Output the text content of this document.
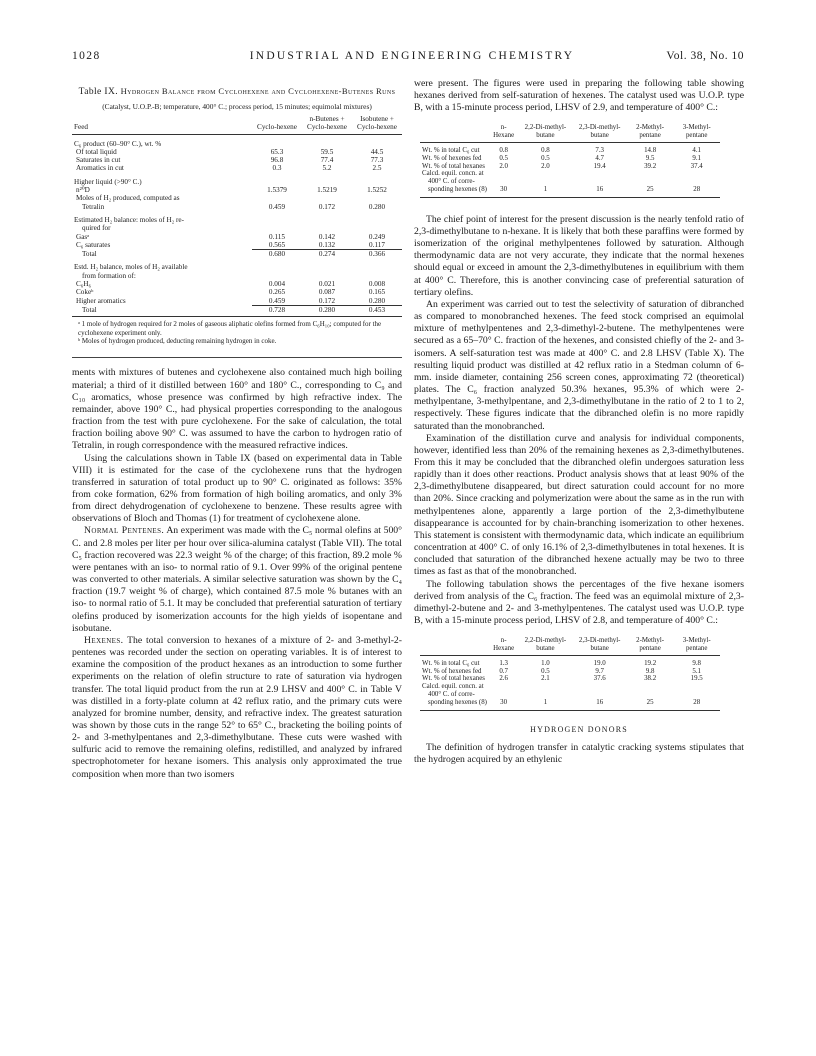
1028	INDUSTRIAL AND ENGINEERING CHEMISTRY	Vol. 38, No. 10
Table IX. Hydrogen Balance from Cyclohexene and Cyclohexene-Butenes Runs
(Catalyst, U.O.P.-B; temperature, 400° C.; process period, 15 minutes; equimolal mixtures)
Feed	Cyclo-hexene	n-Butenes + Cyclo-hexene	Isobutene + Cyclo-hexene
C₆ product (60–90° C.), wt. %			
Of total liquid	65.3	59.5	44.5
Saturates in cut	96.8	77.4	77.3
Aromatics in cut	0.3	5.2	2.5
Higher liquid (>90° C.)			
n²⁰D	1.5379	1.5219	1.5252
Moles of H₂ produced, computed as			
Tetralin	0.459	0.172	0.280
Estimated H₂ balance: moles of H₂ re-			
quired for			
Gasᵃ	0.115	0.142	0.249
C₆ saturates	0.565	0.132	0.117
Total	0.680	0.274	0.366
Estd. H₂ balance, moles of H₂ available			
from formation of:			
C₆H₆	0.004	0.021	0.008
Cokeᵇ	0.265	0.087	0.165
Higher aromatics	0.459	0.172	0.280
Total	0.728	0.280	0.453
ᵃ 1 mole of hydrogen required for 2 moles of gaseous aliphatic olefins formed from C₆H₁₀; computed for the cyclohexene experiment only.
ᵇ Moles of hydrogen produced, deducting remaining hydrogen in coke.

ments with mixtures of butenes and cyclohexene also contained much high boiling material; a third of it distilled between 160° and 180° C., corresponding to C₉ and C₁₀ aromatics, whose presence was confirmed by high refractive index. The remainder, above 190° C., had physical properties corresponding to the analogous fraction from the test with pure cyclohexene. For the sake of calculation, the total fraction boiling above 90° C. was assumed to have the carbon to hydrogen ratio of Tetralin, in rough correspondence with the measured refractive indices.

Using the calculations shown in Table IX (based on experimental data in Table VIII) it is estimated for the case of the cyclohexene runs that the hydrogen transferred in saturation of total product up to 90° C. originated as follows: 35% from coke formation, 62% from formation of high boiling aromatics, and only 3% from direct dehydrogenation of cyclohexene to benzene. These results agree with observations of Bloch and Thomas (1) for treatment of cyclohexene alone.

Normal Pentenes. An experiment was made with the C₅ normal olefins at 500° C. and 2.8 moles per liter per hour over silica-alumina catalyst (Table VII). The total C₅ fraction recovered was 22.3 weight % of the charge; of this fraction, 89.2 mole % were pentanes with an iso- to normal ratio of 9.1. Over 99% of the original pentene was converted to other materials. A similar selective saturation was shown by the C₄ fraction (19.7 weight % of charge), which contained 87.5 mole % butanes with an iso- to normal ratio of 5.1. It may be concluded that preferential saturation of tertiary olefins produced by isomerization accounts for the high yields of isopentane and isobutane.

Hexenes. The total conversion to hexanes of a mixture of 2- and 3-methyl-2-pentenes was recorded under the section on operating variables. It is of interest to examine the composition of the product hexanes as an introduction to some further experiments on the relation of olefin structure to rate of saturation via hydrogen transfer. The total liquid product from the run at 2.9 LHSV and 400° C. in Table V was distilled in a forty-plate column at 42 reflux ratio, and the primary cuts were analyzed for bromine number, density, and refractive index. The greatest saturation was shown by those cuts in the range 52° to 65° C., bracketing the boiling points of 2- and 3-methylpentanes and 2,3-dimethylbutane. These cuts were washed with sulfuric acid to remove the remaining olefins, redistilled, and analyzed by infrared spectrophotometer for hexane isomers. This analysis only approximated the true composition when more than two isomers

were present. The figures were used in preparing the following table showing hexanes derived from self-saturation of hexenes. The catalyst used was U.O.P. type B, with a 15-minute process period, LHSV of 2.9, and temperature of 400° C.:

	n-Hexane	2,2-Di-methyl-butane	2,3-Di-methyl-butane	2-Methyl-pentane	3-Methyl-pentane
Wt. % in total C₆ cut	0.8	0.8	7.3	14.8	4.1
Wt. % of hexenes fed	0.5	0.5	4.7	9.5	9.1
Wt. % of total hexanes	2.0	2.0	19.4	39.2	37.4
Calcd. equil. concn. at					
400° C. of corre-					
sponding hexenes (8)	30	1	16	25	28

The chief point of interest for the present discussion is the nearly tenfold ratio of 2,3-dimethylbutane to n-hexane. It is likely that both these paraffins were formed by isomerization of the original methylpentenes followed by saturation. Although thermodynamic data are not very accurate, they indicate that the normal hexenes should equal or exceed in amount the 2,3-dimethylbutenes in equilibrium with them at 400° C. Therefore, this is another convincing case of preferential saturation of tertiary olefins.

An experiment was carried out to test the selectivity of saturation of dibranched as compared to monobranched hexenes. The feed stock comprised an equimolal mixture of methylpentenes and 2,3-dimethyl-2-butene. The methylpentenes were secured as a 65–70° C. fraction of the hexenes, and consisted chiefly of the 2- and 3-isomers. A self-saturation test was made at 400° C. and 2.8 LHSV (Table X). The resulting liquid product was distilled at 42 reflux ratio in a Stedman column of 6-mm. inside diameter, containing 256 screen cones, approximating 72 (theoretical) plates. The C₆ fraction analyzed 50.3% hexanes, 95.3% of which were 2-methylpentane, 3-methylpentane, and 2,3-dimethylbutane in the ratio of 2 to 1 to 2, respectively. These figures indicate that the dibranched olefin is no more rapidly saturated than the monobranched.

Examination of the distillation curve and analysis for individual components, however, identified less than 20% of the remaining hexenes as 2,3-dimethylbutenes. From this it may be concluded that the dibranched olefin undergoes saturation less rapidly than it does other reactions. Product analysis shows that at least 90% of the 2,3-dimethylbutene disappeared, but direct saturation could account for no more than 20%. Since cracking and polymerization were about the same as in the run with methylpentenes alone, apparently a large portion of the 2,3-dimethylbutene disappearance is accounted for by chain-branching isomerization to other hexenes. This statement is consistent with thermodynamic data, which indicate an equilibrium concentration at 400° C. of only 16.1% of 2,3-dimethylbutenes in total hexenes. It is concluded that saturation of the dibranched hexene actually may be two to three times as fast as that of the monobranched.

The following tabulation shows the percentages of the five hexane isomers derived from analysis of the C₆ fraction. The feed was an equimolal mixture of 2,3-dimethyl-2-butene and 2- and 3-methylpentenes. The catalyst used was U.O.P. type B, with a 15-minute process period, LHSV of 2.8, and temperature of 400° C.:

	n-Hexane	2,2-Di-methyl-butane	2,3-Di-methyl-butane	2-Methyl-pentane	3-Methyl-pentane
Wt. % in total C₆ cut	1.3	1.0	19.0	19.2	9.8
Wt. % of hexenes fed	0.7	0.5	9.7	9.8	5.1
Wt. % of total hexanes	2.6	2.1	37.6	38.2	19.5
Calcd. equil. concn. at					
400° C. of corre-					
sponding hexenes (8)	30	1	16	25	28
HYDROGEN DONORS

The definition of hydrogen transfer in catalytic cracking systems stipulates that the hydrogen acquired by an ethylenic
